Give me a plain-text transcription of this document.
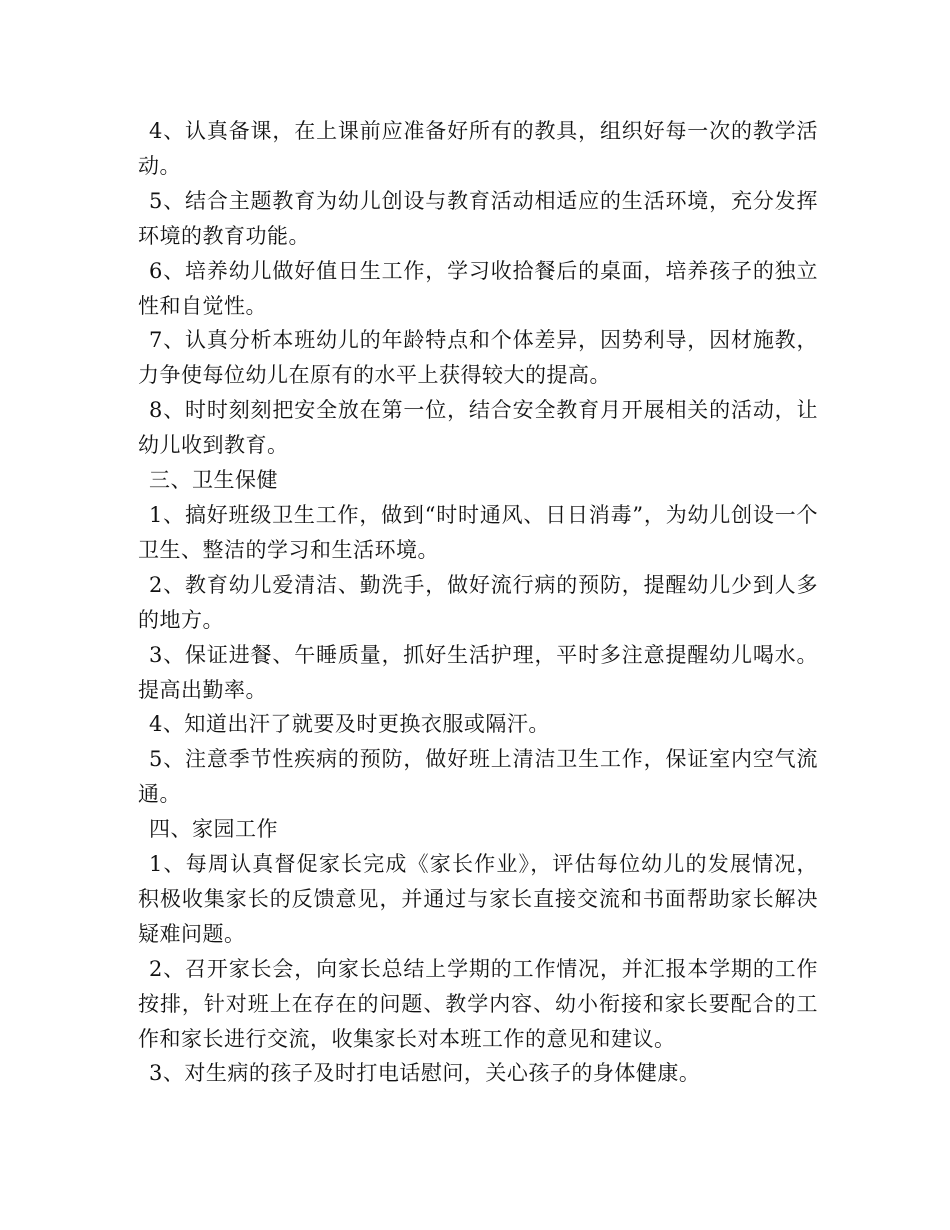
4、认真备课，在上课前应准备好所有的教具，组织好每一次的教学活动。

5、结合主题教育为幼儿创设与教育活动相适应的生活环境，充分发挥环境的教育功能。

6、培养幼儿做好值日生工作，学习收拾餐后的桌面，培养孩子的独立性和自觉性。

7、认真分析本班幼儿的年龄特点和个体差异，因势利导，因材施教，力争使每位幼儿在原有的水平上获得较大的提高。

8、时时刻刻把安全放在第一位，结合安全教育月开展相关的活动，让幼儿收到教育。

三、卫生保健

1、搞好班级卫生工作，做到“时时通风、日日消毒”，为幼儿创设一个卫生、整洁的学习和生活环境。

2、教育幼儿爱清洁、勤洗手，做好流行病的预防，提醒幼儿少到人多的地方。

3、保证进餐、午睡质量，抓好生活护理，平时多注意提醒幼儿喝水。提高出勤率。

4、知道出汗了就要及时更换衣服或隔汗。

5、注意季节性疾病的预防，做好班上清洁卫生工作，保证室内空气流通。

四、家园工作

1、每周认真督促家长完成《家长作业》，评估每位幼儿的发展情况，积极收集家长的反馈意见，并通过与家长直接交流和书面帮助家长解决疑难问题。

2、召开家长会，向家长总结上学期的工作情况，并汇报本学期的工作按排，针对班上在存在的问题、教学内容、幼小衔接和家长要配合的工作和家长进行交流，收集家长对本班工作的意见和建议。

3、对生病的孩子及时打电话慰问，关心孩子的身体健康。
